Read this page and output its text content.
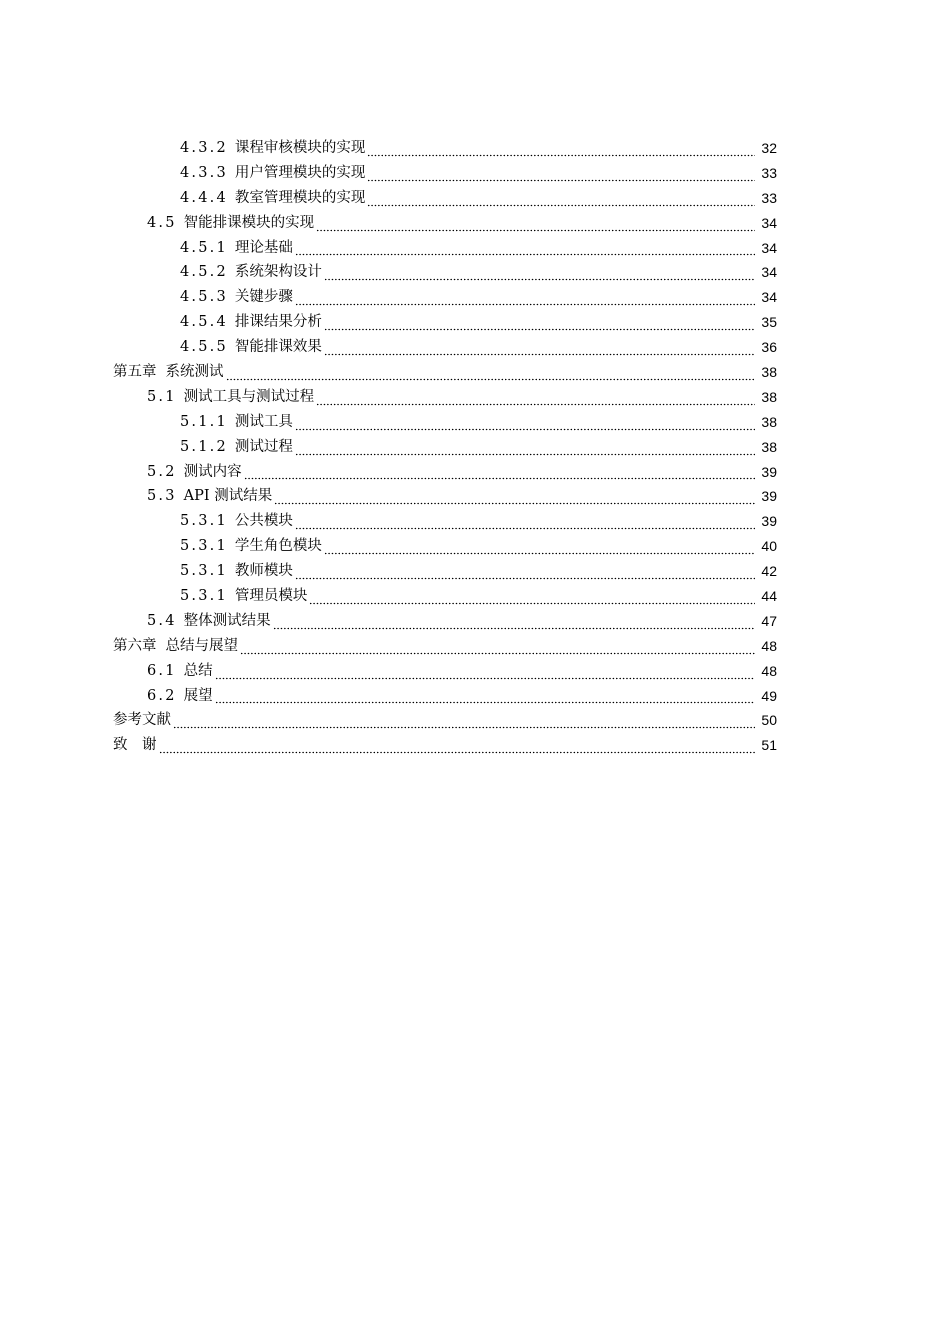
4.3.2 课程审核模块的实现	32
4.3.3 用户管理模块的实现	33
4.4.4 教室管理模块的实现	33
4.5 智能排课模块的实现	34
4.5.1 理论基础	34
4.5.2 系统架构设计	34
4.5.3 关键步骤	34
4.5.4 排课结果分析	35
4.5.5 智能排课效果	36
第五章 系统测试	38
5.1 测试工具与测试过程	38
5.1.1 测试工具	38
5.1.2 测试过程	38
5.2 测试内容	39
5.3 API 测试结果	39
5.3.1 公共模块	39
5.3.1 学生角色模块	40
5.3.1 教师模块	42
5.3.1 管理员模块	44
5.4 整体测试结果	47
第六章 总结与展望	48
6.1 总结	48
6.2 展望	49
参考文献	50
致　谢	51
